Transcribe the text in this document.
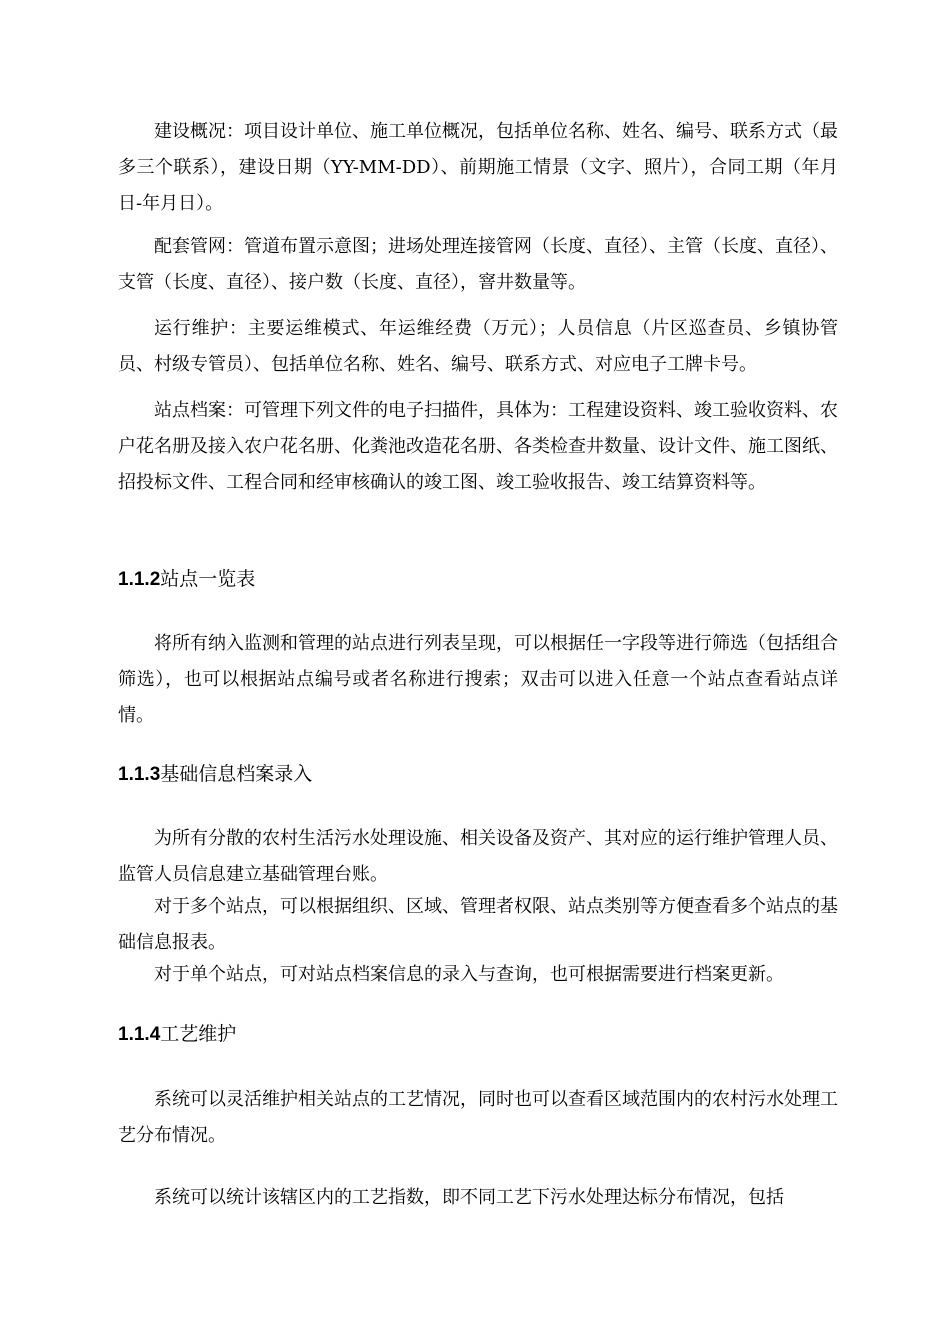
建设概况：项目设计单位、施工单位概况，包括单位名称、姓名、编号、联系方式（最多三个联系），建设日期（YY-MM-DD）、前期施工情景（文字、照片），合同工期（年月日-年月日）。

配套管网：管道布置示意图；进场处理连接管网（长度、直径）、主管（长度、直径）、支管（长度、直径）、接户数（长度、直径），窨井数量等。

运行维护：主要运维模式、年运维经费（万元）；人员信息（片区巡查员、乡镇协管员、村级专管员）、包括单位名称、姓名、编号、联系方式、对应电子工牌卡号。

站点档案：可管理下列文件的电子扫描件，具体为：工程建设资料、竣工验收资料、农户花名册及接入农户花名册、化粪池改造花名册、各类检查井数量、设计文件、施工图纸、招投标文件、工程合同和经审核确认的竣工图、竣工验收报告、竣工结算资料等。

1.1.2站点一览表

将所有纳入监测和管理的站点进行列表呈现，可以根据任一字段等进行筛选（包括组合筛选），也可以根据站点编号或者名称进行搜索；双击可以进入任意一个站点查看站点详情。

1.1.3基础信息档案录入

为所有分散的农村生活污水处理设施、相关设备及资产、其对应的运行维护管理人员、监管人员信息建立基础管理台账。

对于多个站点，可以根据组织、区域、管理者权限、站点类别等方便查看多个站点的基础信息报表。

对于单个站点，可对站点档案信息的录入与查询，也可根据需要进行档案更新。

1.1.4工艺维护

系统可以灵活维护相关站点的工艺情况，同时也可以查看区域范围内的农村污水处理工艺分布情况。

系统可以统计该辖区内的工艺指数，即不同工艺下污水处理达标分布情况，包括
